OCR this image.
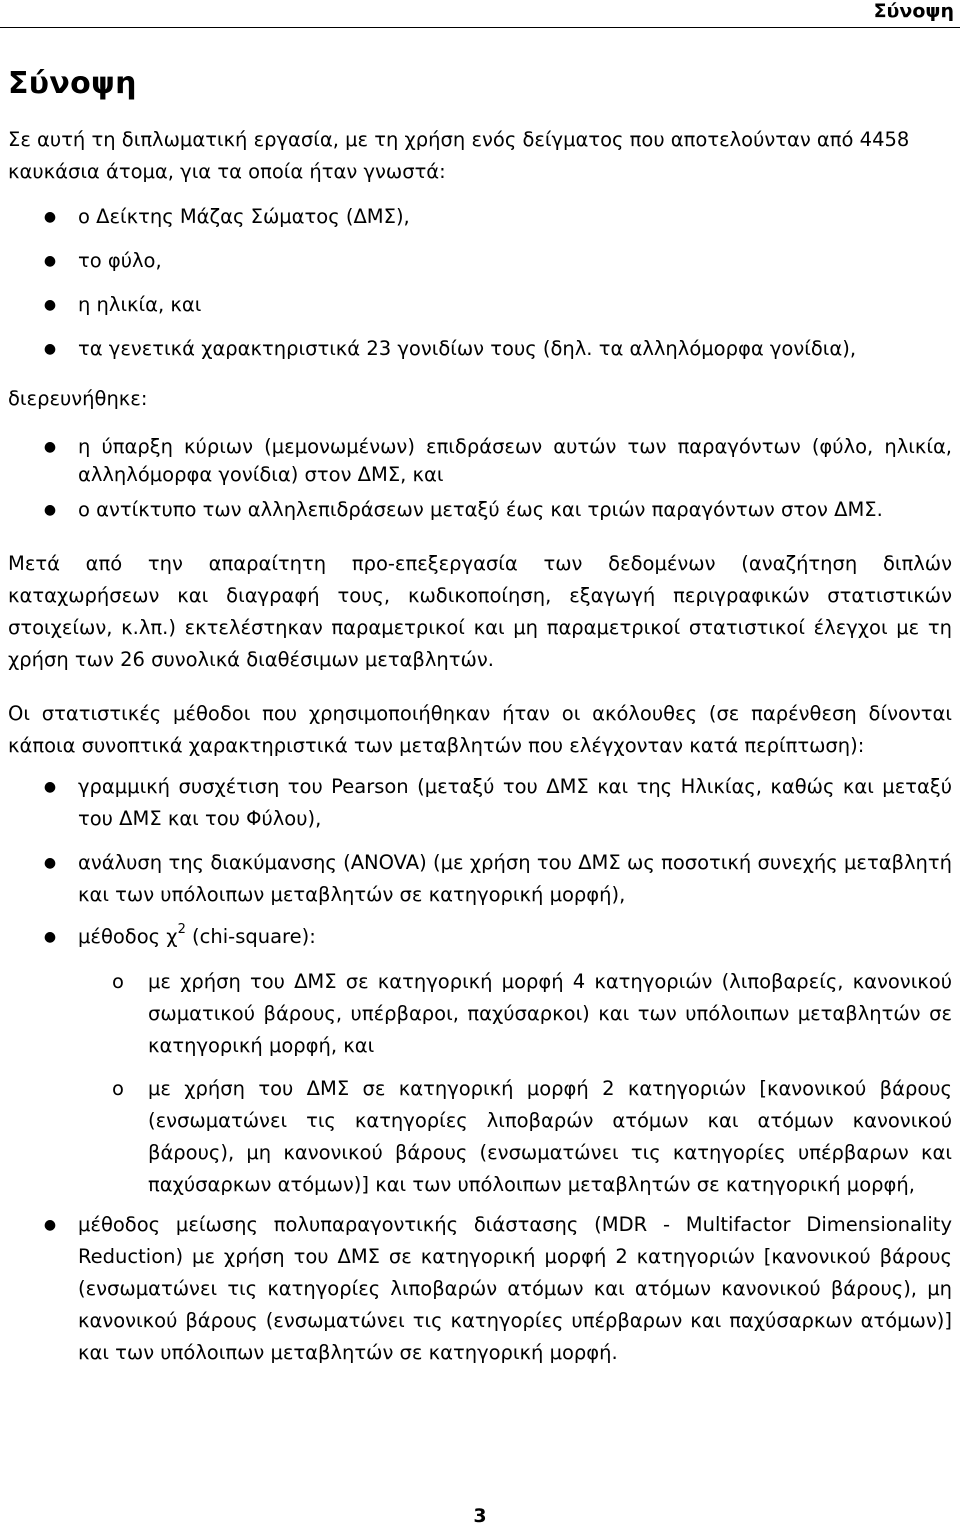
Σύνοψη
Σύνοψη

Σε αυτή τη διπλωματική εργασία, με τη χρήση ενός δείγματος που αποτελούνταν από 4458 καυκάσια άτομα, για τα οποία ήταν γνωστά:

● ο Δείκτης Μάζας Σώματος (ΔΜΣ),
● το φύλο,
● η ηλικία, και
● τα γενετικά χαρακτηριστικά 23 γονιδίων τους (δηλ. τα αλληλόμορφα γονίδια),

διερευνήθηκε:

● η ύπαρξη κύριων (μεμονωμένων) επιδράσεων αυτών των παραγόντων (φύλο, ηλικία, αλληλόμορφα γονίδια) στον ΔΜΣ, και
● ο αντίκτυπο των αλληλεπιδράσεων μεταξύ έως και τριών παραγόντων στον ΔΜΣ.

Μετά από την απαραίτητη προ-επεξεργασία των δεδομένων (αναζήτηση διπλών καταχωρήσεων και διαγραφή τους, κωδικοποίηση, εξαγωγή περιγραφικών στατιστικών στοιχείων, κ.λπ.) εκτελέστηκαν παραμετρικοί και μη παραμετρικοί στατιστικοί έλεγχοι με τη χρήση των 26 συνολικά διαθέσιμων μεταβλητών.

Οι στατιστικές μέθοδοι που χρησιμοποιήθηκαν ήταν οι ακόλουθες (σε παρένθεση δίνονται κάποια συνοπτικά χαρακτηριστικά των μεταβλητών που ελέγχονταν κατά περίπτωση):

● γραμμική συσχέτιση του Pearson (μεταξύ του ΔΜΣ και της Ηλικίας, καθώς και μεταξύ του ΔΜΣ και του Φύλου),
● ανάλυση της διακύμανσης (ANOVA) (με χρήση του ΔΜΣ ως ποσοτική συνεχής μεταβλητή και των υπόλοιπων μεταβλητών σε κατηγορική μορφή),
● μέθοδος $\chi^2$ (chi-square):
o με χρήση του ΔΜΣ σε κατηγορική μορφή 4 κατηγοριών (λιποβαρείς, κανονικού σωματικού βάρους, υπέρβαροι, παχύσαρκοι) και των υπόλοιπων μεταβλητών σε κατηγορική μορφή, και
o με χρήση του ΔΜΣ σε κατηγορική μορφή 2 κατηγοριών [κανονικού βάρους (ενσωματώνει τις κατηγορίες λιποβαρών ατόμων και ατόμων κανονικού βάρους), μη κανονικού βάρους (ενσωματώνει τις κατηγορίες υπέρβαρων και παχύσαρκων ατόμων)] και των υπόλοιπων μεταβλητών σε κατηγορική μορφή,
● μέθοδος μείωσης πολυπαραγοντικής διάστασης (MDR - Multifactor Dimensionality Reduction) με χρήση του ΔΜΣ σε κατηγορική μορφή 2 κατηγοριών [κανονικού βάρους (ενσωματώνει τις κατηγορίες λιποβαρών ατόμων και ατόμων κανονικού βάρους), μη κανονικού βάρους (ενσωματώνει τις κατηγορίες υπέρβαρων και παχύσαρκων ατόμων)] και των υπόλοιπων μεταβλητών σε κατηγορική μορφή.
3
